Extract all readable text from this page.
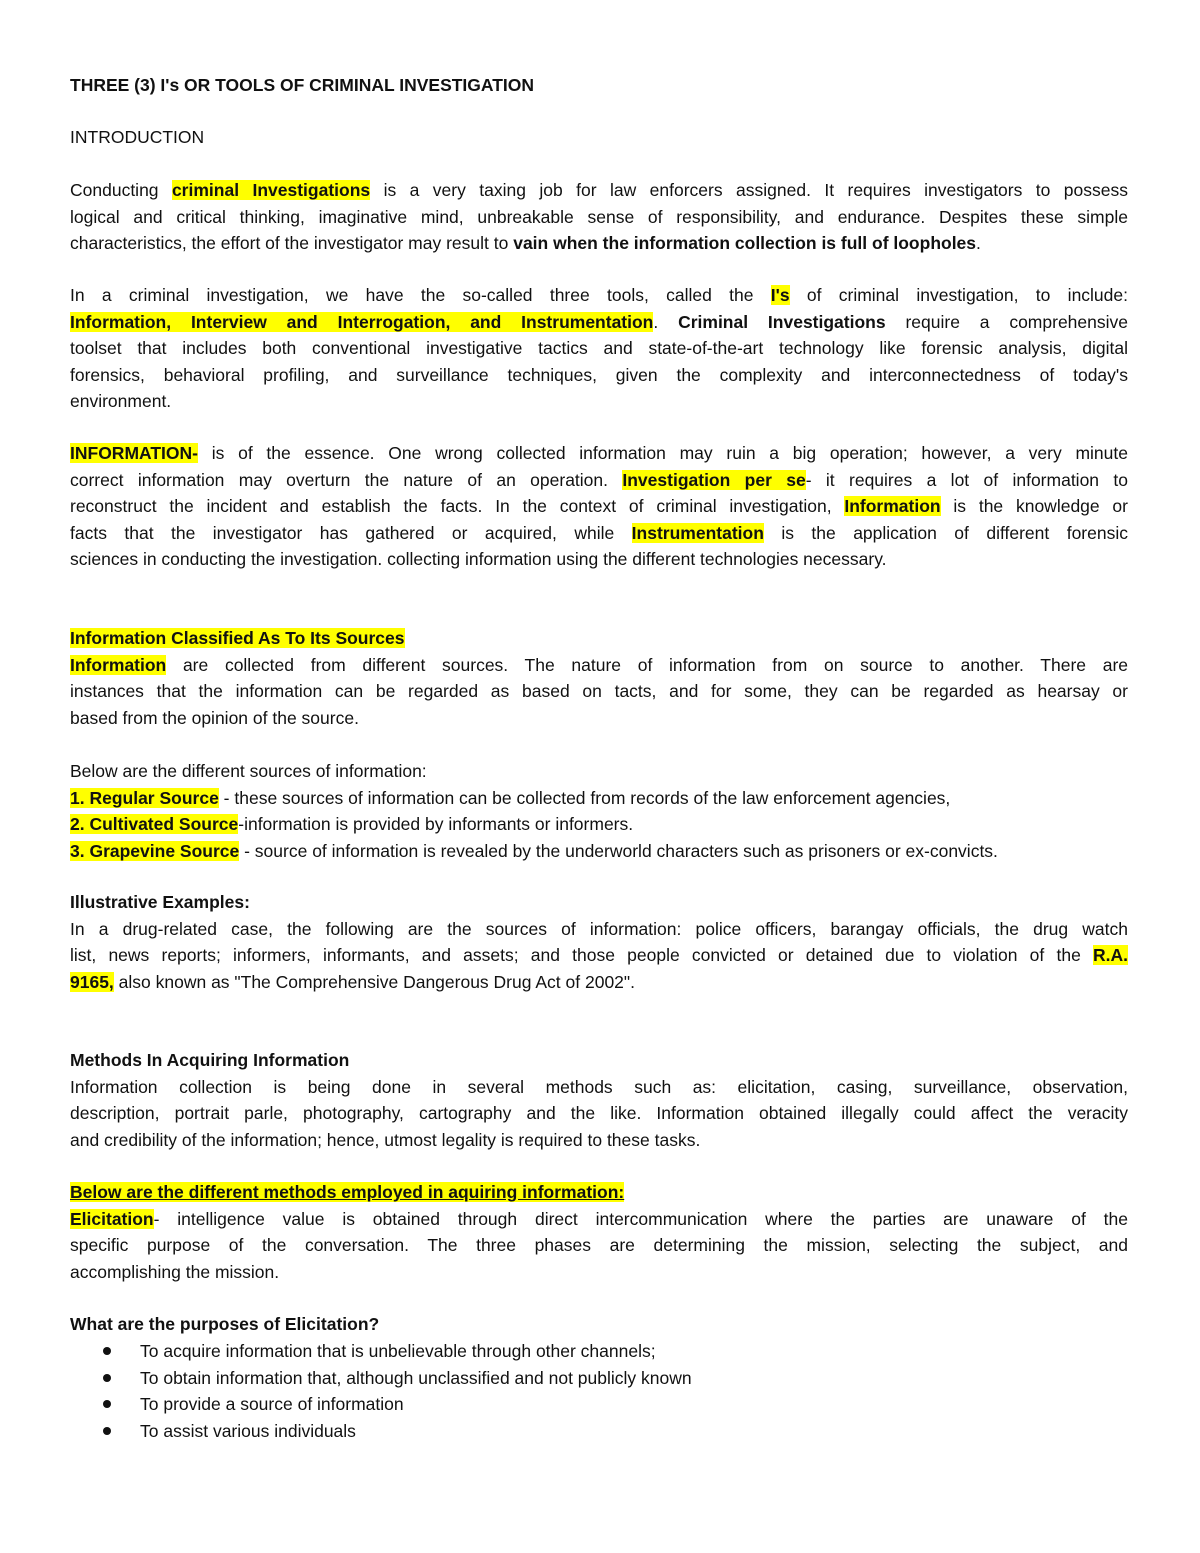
THREE (3) I's OR TOOLS OF CRIMINAL INVESTIGATION
INTRODUCTION
Conducting criminal Investigations is a very taxing job for law enforcers assigned. It requires investigators to possess
logical and critical thinking, imaginative mind, unbreakable sense of responsibility, and endurance. Despites these simple
characteristics, the effort of the investigator may result to vain when the information collection is full of loopholes.
In a criminal investigation, we have the so-called three tools, called the I's of criminal investigation, to include:
Information, Interview and Interrogation, and Instrumentation. Criminal Investigations require a comprehensive
toolset that includes both conventional investigative tactics and state-of-the-art technology like forensic analysis, digital
forensics, behavioral profiling, and surveillance techniques, given the complexity and interconnectedness of today's
environment.
INFORMATION- is of the essence. One wrong collected information may ruin a big operation; however, a very minute
correct information may overturn the nature of an operation. Investigation per se- it requires a lot of information to
reconstruct the incident and establish the facts. In the context of criminal investigation, Information is the knowledge or
facts that the investigator has gathered or acquired, while Instrumentation is the application of different forensic
sciences in conducting the investigation. collecting information using the different technologies necessary.
Information Classified As To Its Sources
Information are collected from different sources. The nature of information from on source to another. There are
instances that the information can be regarded as based on tacts, and for some, they can be regarded as hearsay or
based from the opinion of the source.
Below are the different sources of information:
1. Regular Source - these sources of information can be collected from records of the law enforcement agencies,
2. Cultivated Source-information is provided by informants or informers.
3. Grapevine Source - source of information is revealed by the underworld characters such as prisoners or ex-convicts.
Illustrative Examples:
In a drug-related case, the following are the sources of information: police officers, barangay officials, the drug watch
list, news reports; informers, informants, and assets; and those people convicted or detained due to violation of the R.A.
9165, also known as "The Comprehensive Dangerous Drug Act of 2002".
Methods In Acquiring Information
Information collection is being done in several methods such as: elicitation, casing, surveillance, observation,
description, portrait parle, photography, cartography and the like. Information obtained illegally could affect the veracity
and credibility of the information; hence, utmost legality is required to these tasks.
Below are the different methods employed in aquiring information:
Elicitation- intelligence value is obtained through direct intercommunication where the parties are unaware of the
specific purpose of the conversation. The three phases are determining the mission, selecting the subject, and
accomplishing the mission.
What are the purposes of Elicitation?
To acquire information that is unbelievable through other channels;
To obtain information that, although unclassified and not publicly known
To provide a source of information
To assist various individuals
